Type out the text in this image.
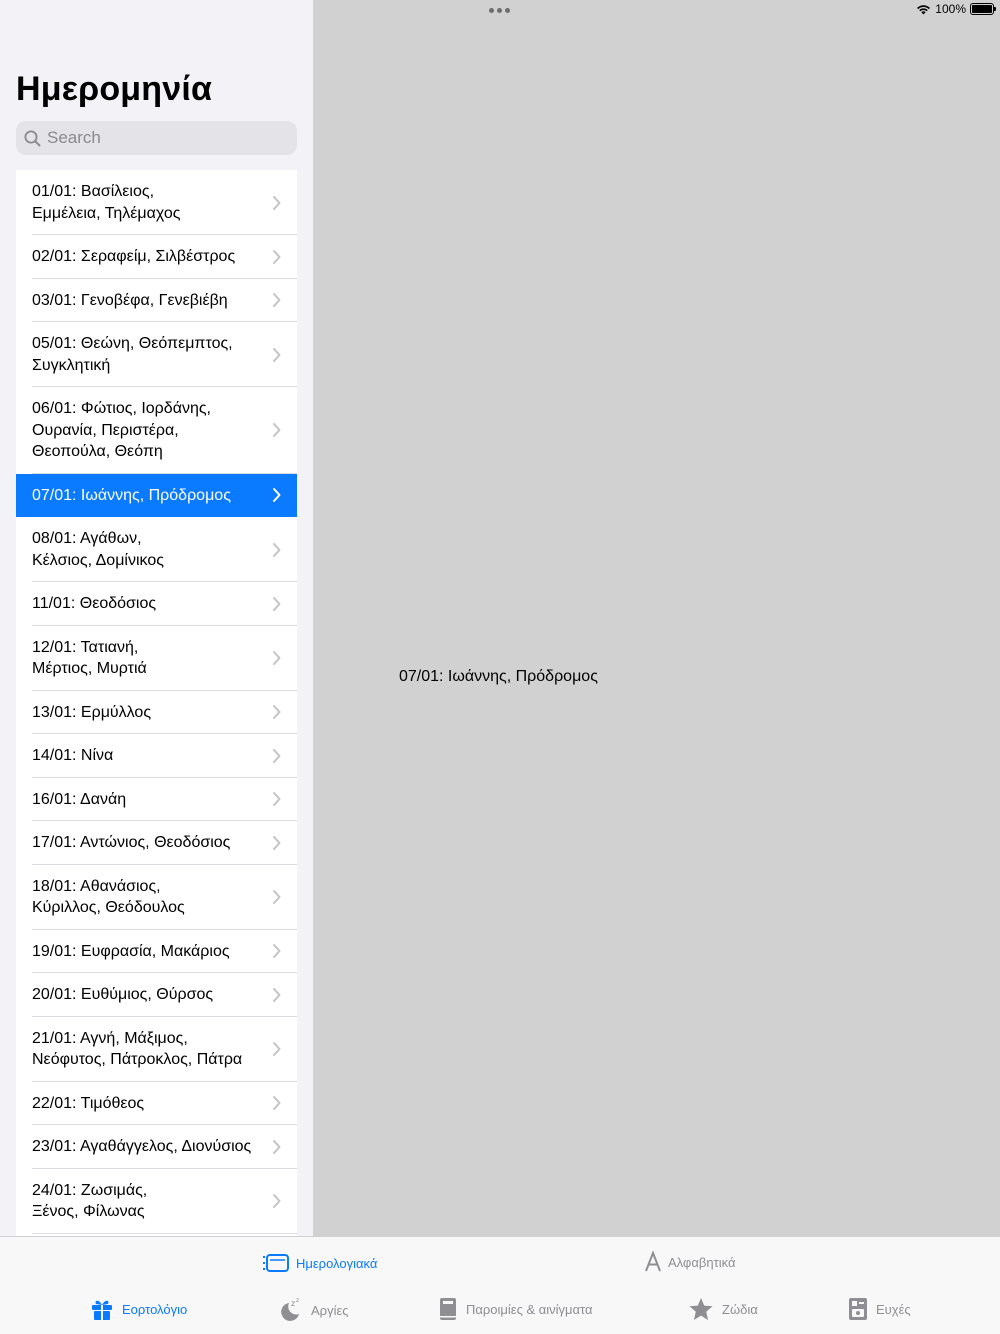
100%
Ημερομηνία
Search
01/01: Βασίλειος,
Εμμέλεια, Τηλέμαχος
02/01: Σεραφείμ, Σιλβέστρος
03/01: Γενοβέφα, Γενεβιέβη
05/01: Θεώνη, Θεόπεμπτος,
Συγκλητική
06/01: Φώτιος, Ιορδάνης,
Ουρανία, Περιστέρα,
Θεοπούλα, Θεόπη
07/01: Ιωάννης, Πρόδρομος
08/01: Αγάθων,
Κέλσιος, Δομίνικος
11/01: Θεοδόσιος
12/01: Τατιανή,
Μέρτιος, Μυρτιά
13/01: Ερμύλλος
14/01: Νίνα
16/01: Δανάη
17/01: Αντώνιος, Θεοδόσιος
18/01: Αθανάσιος,
Κύριλλος, Θεόδουλος
19/01: Ευφρασία, Μακάριος
20/01: Ευθύμιος, Θύρσος
21/01: Αγνή, Μάξιμος,
Νεόφυτος, Πάτροκλος, Πάτρα
22/01: Τιμόθεος
23/01: Αγαθάγγελος, Διονύσιος
24/01: Ζωσιμάς,
Ξένος, Φίλωνας
07/01: Ιωάννης, Πρόδρομος
Ημερολογιακά	Αλφαβητικά
Εορτολόγιο	z z
Αργίες	Παροιμίες & αινίγματα	Ζώδια	Ευχές
